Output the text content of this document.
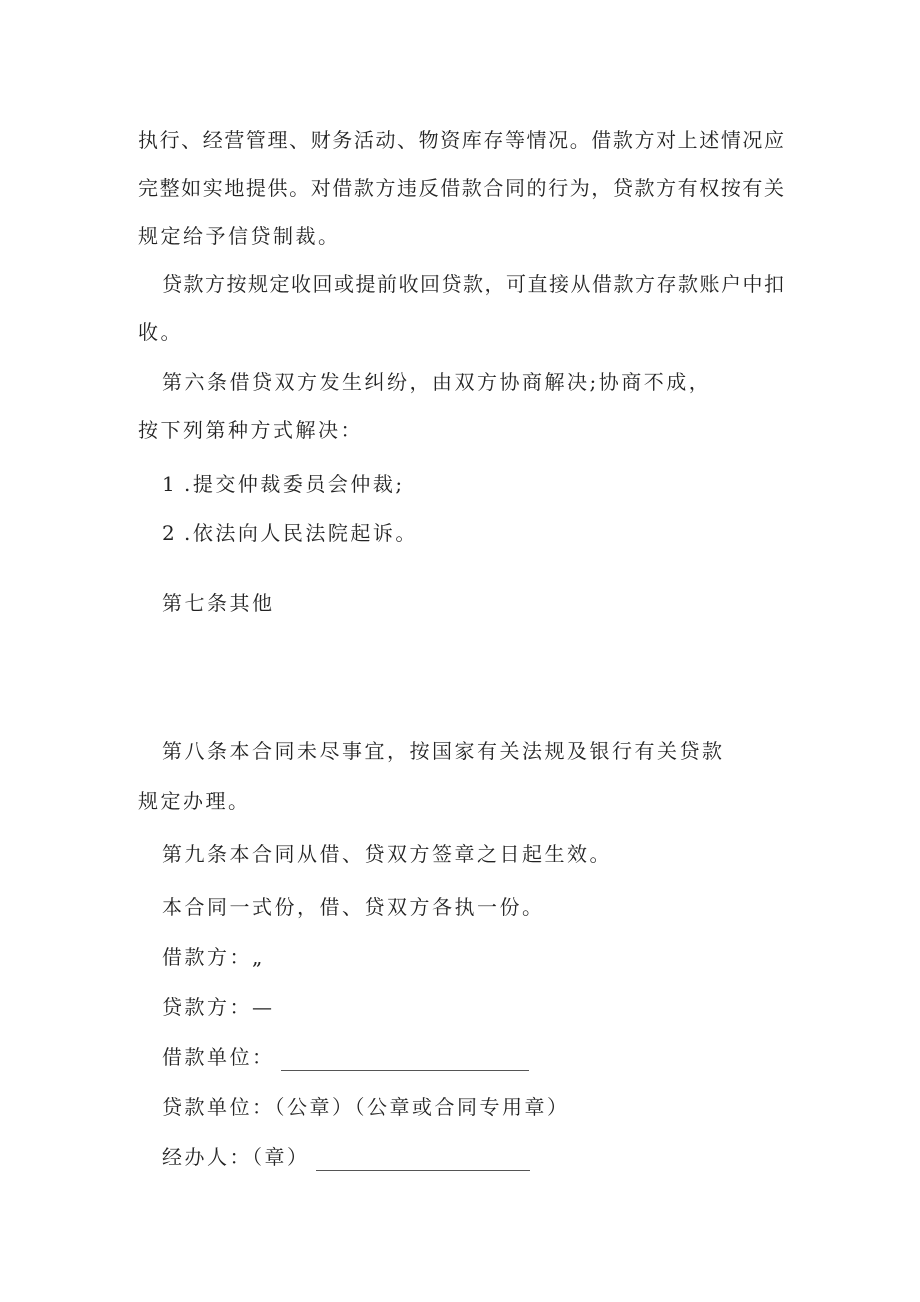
执行、经营管理、财务活动、物资库存等情况。借款方对上述情况应
完整如实地提供。对借款方违反借款合同的行为，贷款方有权按有关
规定给予信贷制裁。
贷款方按规定收回或提前收回贷款，可直接从借款方存款账户中扣
收。
第六条借贷双方发生纠纷，由双方协商解决;协商不成，
按下列第种方式解决：
1 .提交仲裁委员会仲裁;
2 .依法向人民法院起诉。
第七条其他
第八条本合同未尽事宜，按国家有关法规及银行有关贷款
规定办理。
第九条本合同从借、贷双方签章之日起生效。
本合同一式份，借、贷双方各执一份。
借款方：„
贷款方：—
借款单位：
贷款单位：（公章）（公章或合同专用章）
经办人：（章）
